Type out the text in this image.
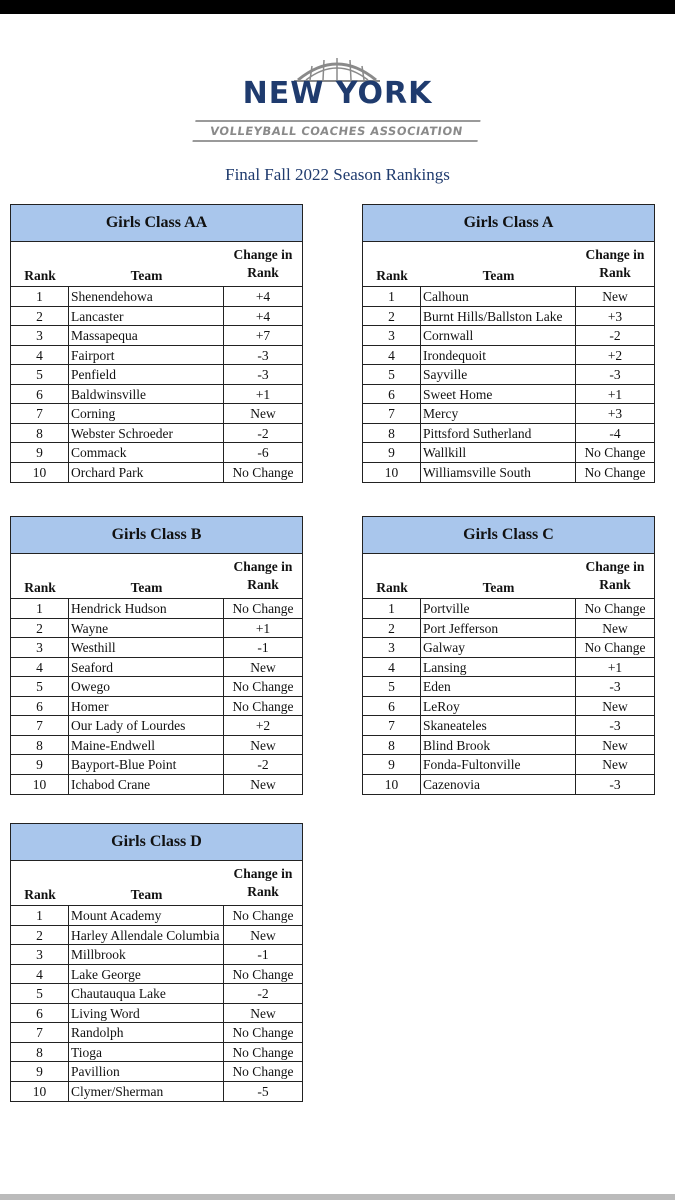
NEW YORK
VOLLEYBALL COACHES ASSOCIATION
Final Fall 2022 Season Rankings
Girls Class AA
Rank	Team
Change in
Rank
1	Shenendehowa	+4
2	Lancaster	+4
3	Massapequa	+7
4	Fairport	-3
5	Penfield	-3
6	Baldwinsville	+1
7	Corning	New
8	Webster Schroeder	-2
9	Commack	-6
10	Orchard Park	No Change
Girls Class A
Rank	Team
Change in
Rank
1	Calhoun	New
2	Burnt Hills/Ballston Lake	+3
3	Cornwall	-2
4	Irondequoit	+2
5	Sayville	-3
6	Sweet Home	+1
7	Mercy	+3
8	Pittsford Sutherland	-4
9	Wallkill	No Change
10	Williamsville South	No Change
Girls Class B
Rank	Team
Change in
Rank
1	Hendrick Hudson	No Change
2	Wayne	+1
3	Westhill	-1
4	Seaford	New
5	Owego	No Change
6	Homer	No Change
7	Our Lady of Lourdes	+2
8	Maine-Endwell	New
9	Bayport-Blue Point	-2
10	Ichabod Crane	New
Girls Class C
Rank	Team
Change in
Rank
1	Portville	No Change
2	Port Jefferson	New
3	Galway	No Change
4	Lansing	+1
5	Eden	-3
6	LeRoy	New
7	Skaneateles	-3
8	Blind Brook	New
9	Fonda-Fultonville	New
10	Cazenovia	-3
Girls Class D
Rank	Team
Change in
Rank
1	Mount Academy	No Change
2	Harley Allendale Columbia	New
3	Millbrook	-1
4	Lake George	No Change
5	Chautauqua Lake	-2
6	Living Word	New
7	Randolph	No Change
8	Tioga	No Change
9	Pavillion	No Change
10	Clymer/Sherman	-5
